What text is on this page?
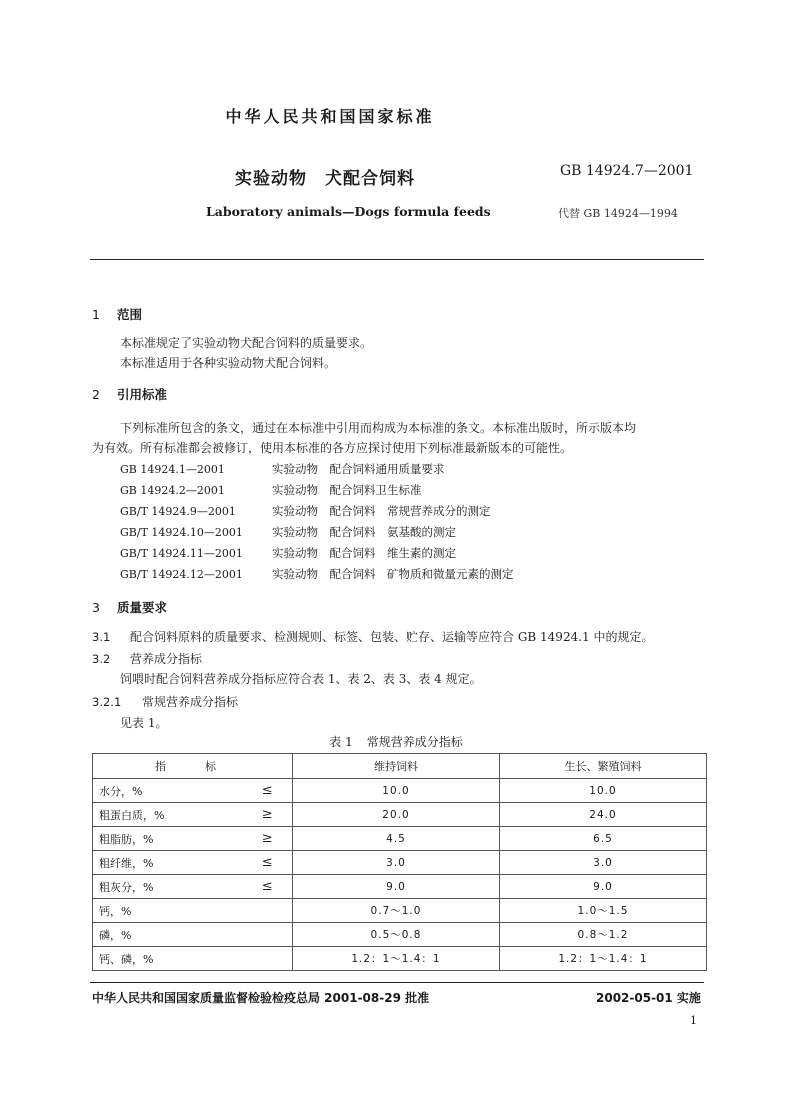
中华人民共和国国家标准
实验动物　犬配合饲料	GB 14924.7—2001
Laboratory animals—Dogs formula feeds	代替 GB 14924—1994
1 范围
本标准规定了实验动物犬配合饲料的质量要求。
本标准适用于各种实验动物犬配合饲料。
2 引用标准
下列标准所包含的条文，通过在本标准中引用而构成为本标准的条文。本标准出版时，所示版本均
为有效。所有标准都会被修订，使用本标准的各方应探讨使用下列标准最新版本的可能性。
GB 14924.1—2001	实验动物　配合饲料通用质量要求
GB 14924.2—2001	实验动物　配合饲料卫生标准
GB/T 14924.9—2001	实验动物　配合饲料　常规营养成分的测定
GB/T 14924.10—2001	实验动物　配合饲料　氨基酸的测定
GB/T 14924.11—2001	实验动物　配合饲料　维生素的测定
GB/T 14924.12—2001	实验动物　配合饲料　矿物质和微量元素的测定
3 质量要求
3.1 配合饲料原料的质量要求、检测规则、标签、包装、贮存、运输等应符合 GB 14924.1 中的规定。
3.2 营养成分指标
饲喂时配合饲料营养成分指标应符合表 1、表 2、表 3、表 4 规定。
3.2.1 常规营养成分指标
见表 1。
表 1 常规营养成分指标
指　标		维持饲料	生长、繁殖饲料
水分，%	≤	10.0	10.0
粗蛋白质，%	≥	20.0	24.0
粗脂肪，%	≥	4.5	6.5
粗纤维，%	≤	3.0	3.0
粗灰分，%	≤	9.0	9.0
钙，%		0.7～1.0	1.0～1.5
磷，%		0.5～0.8	0.8～1.2
钙、磷，%		1.2：1～1.4：1	1.2：1～1.4：1
中华人民共和国国家质量监督检验检疫总局 2001-08-29 批准	2002-05-01 实施
1
